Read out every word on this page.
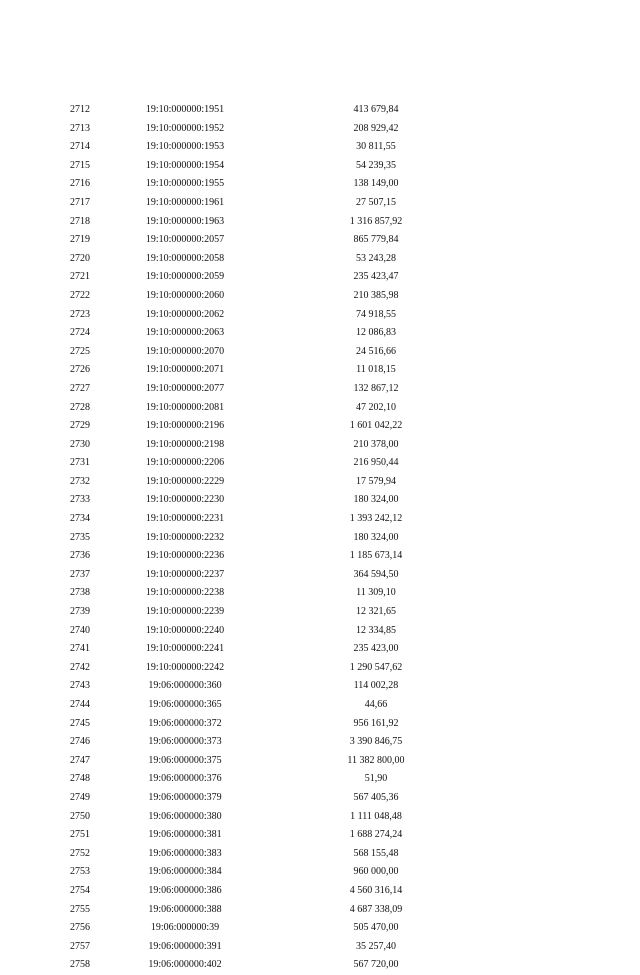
2712	19:10:000000:1951	413 679,84
2713	19:10:000000:1952	208 929,42
2714	19:10:000000:1953	30 811,55
2715	19:10:000000:1954	54 239,35
2716	19:10:000000:1955	138 149,00
2717	19:10:000000:1961	27 507,15
2718	19:10:000000:1963	1 316 857,92
2719	19:10:000000:2057	865 779,84
2720	19:10:000000:2058	53 243,28
2721	19:10:000000:2059	235 423,47
2722	19:10:000000:2060	210 385,98
2723	19:10:000000:2062	74 918,55
2724	19:10:000000:2063	12 086,83
2725	19:10:000000:2070	24 516,66
2726	19:10:000000:2071	11 018,15
2727	19:10:000000:2077	132 867,12
2728	19:10:000000:2081	47 202,10
2729	19:10:000000:2196	1 601 042,22
2730	19:10:000000:2198	210 378,00
2731	19:10:000000:2206	216 950,44
2732	19:10:000000:2229	17 579,94
2733	19:10:000000:2230	180 324,00
2734	19:10:000000:2231	1 393 242,12
2735	19:10:000000:2232	180 324,00
2736	19:10:000000:2236	1 185 673,14
2737	19:10:000000:2237	364 594,50
2738	19:10:000000:2238	11 309,10
2739	19:10:000000:2239	12 321,65
2740	19:10:000000:2240	12 334,85
2741	19:10:000000:2241	235 423,00
2742	19:10:000000:2242	1 290 547,62
2743	19:06:000000:360	114 002,28
2744	19:06:000000:365	44,66
2745	19:06:000000:372	956 161,92
2746	19:06:000000:373	3 390 846,75
2747	19:06:000000:375	11 382 800,00
2748	19:06:000000:376	51,90
2749	19:06:000000:379	567 405,36
2750	19:06:000000:380	1 111 048,48
2751	19:06:000000:381	1 688 274,24
2752	19:06:000000:383	568 155,48
2753	19:06:000000:384	960 000,00
2754	19:06:000000:386	4 560 316,14
2755	19:06:000000:388	4 687 338,09
2756	19:06:000000:39	505 470,00
2757	19:06:000000:391	35 257,40
2758	19:06:000000:402	567 720,00
